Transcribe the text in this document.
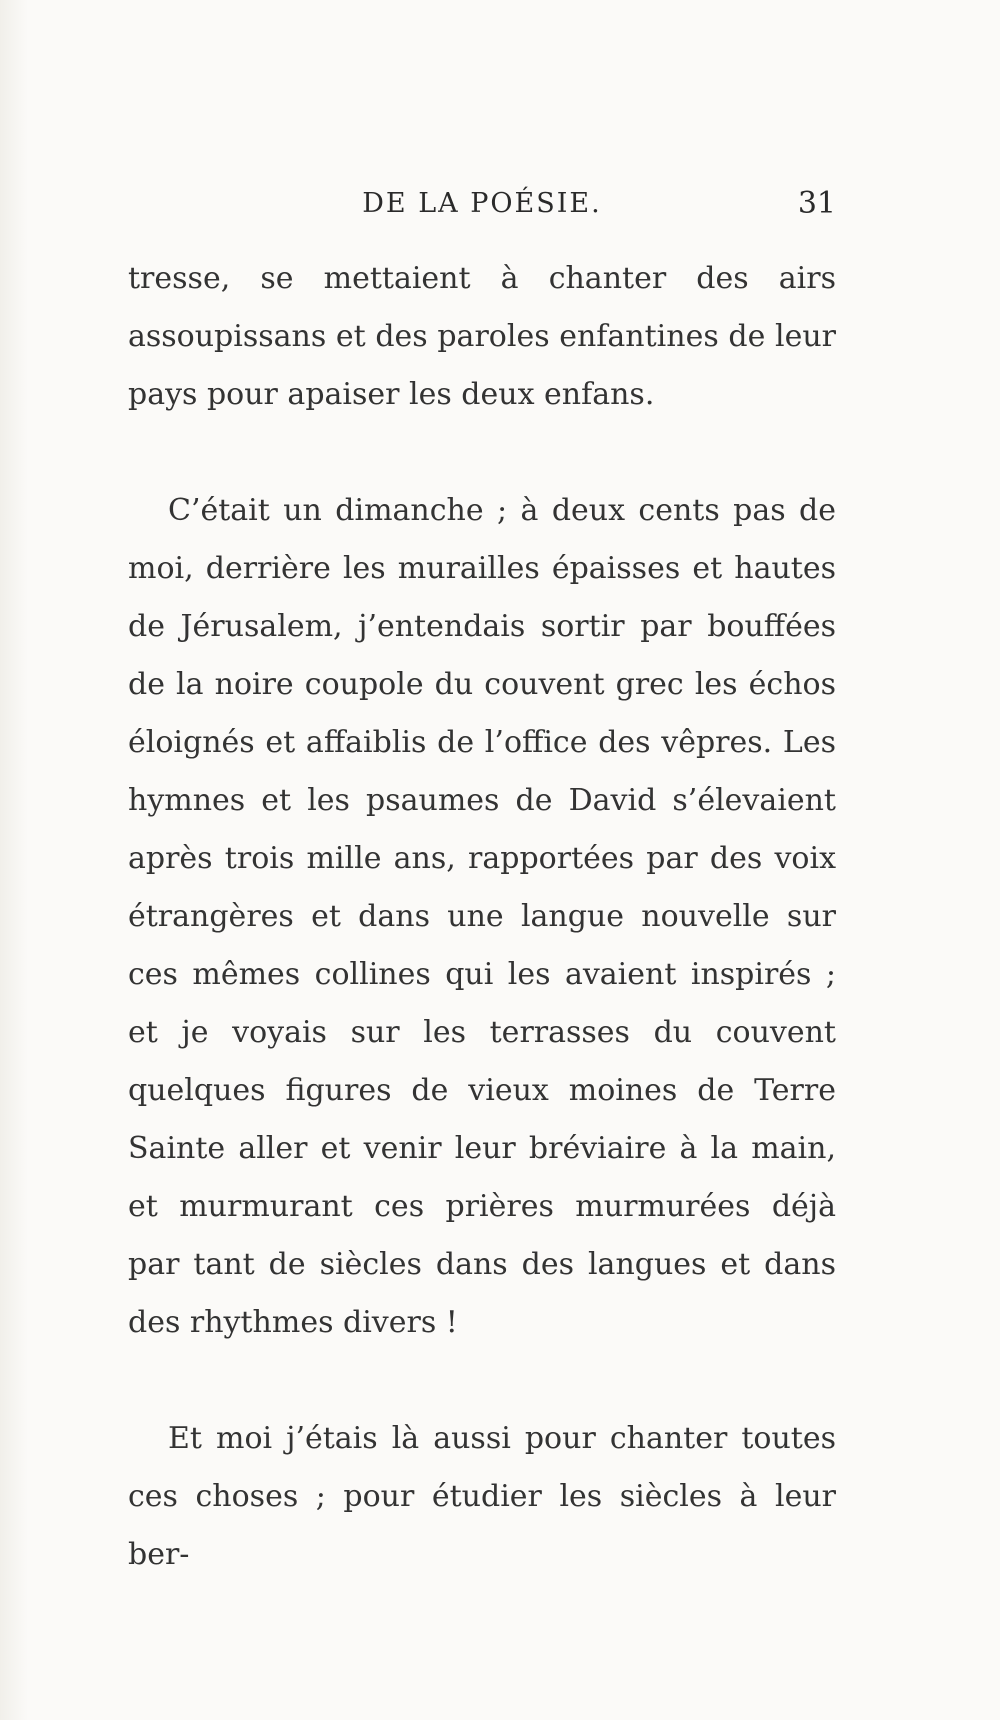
DE LA POÉSIE.	31

tresse, se mettaient à chanter des airs assoupissans et des paroles enfantines de leur pays pour apaiser les deux enfans.

C’était un dimanche ; à deux cents pas de moi, derrière les murailles épaisses et hautes de Jérusalem, j’entendais sortir par bouffées de la noire coupole du couvent grec les échos éloignés et affaiblis de l’office des vêpres. Les hymnes et les psaumes de David s’élevaient après trois mille ans, rapportées par des voix étrangères et dans une langue nouvelle sur ces mêmes collines qui les avaient inspirés ; et je voyais sur les terrasses du couvent quelques figures de vieux moines de Terre Sainte aller et venir leur bréviaire à la main, et murmurant ces prières murmurées déjà par tant de siècles dans des langues et dans des rhythmes divers !

Et moi j’étais là aussi pour chanter toutes ces choses ; pour étudier les siècles à leur ber-
